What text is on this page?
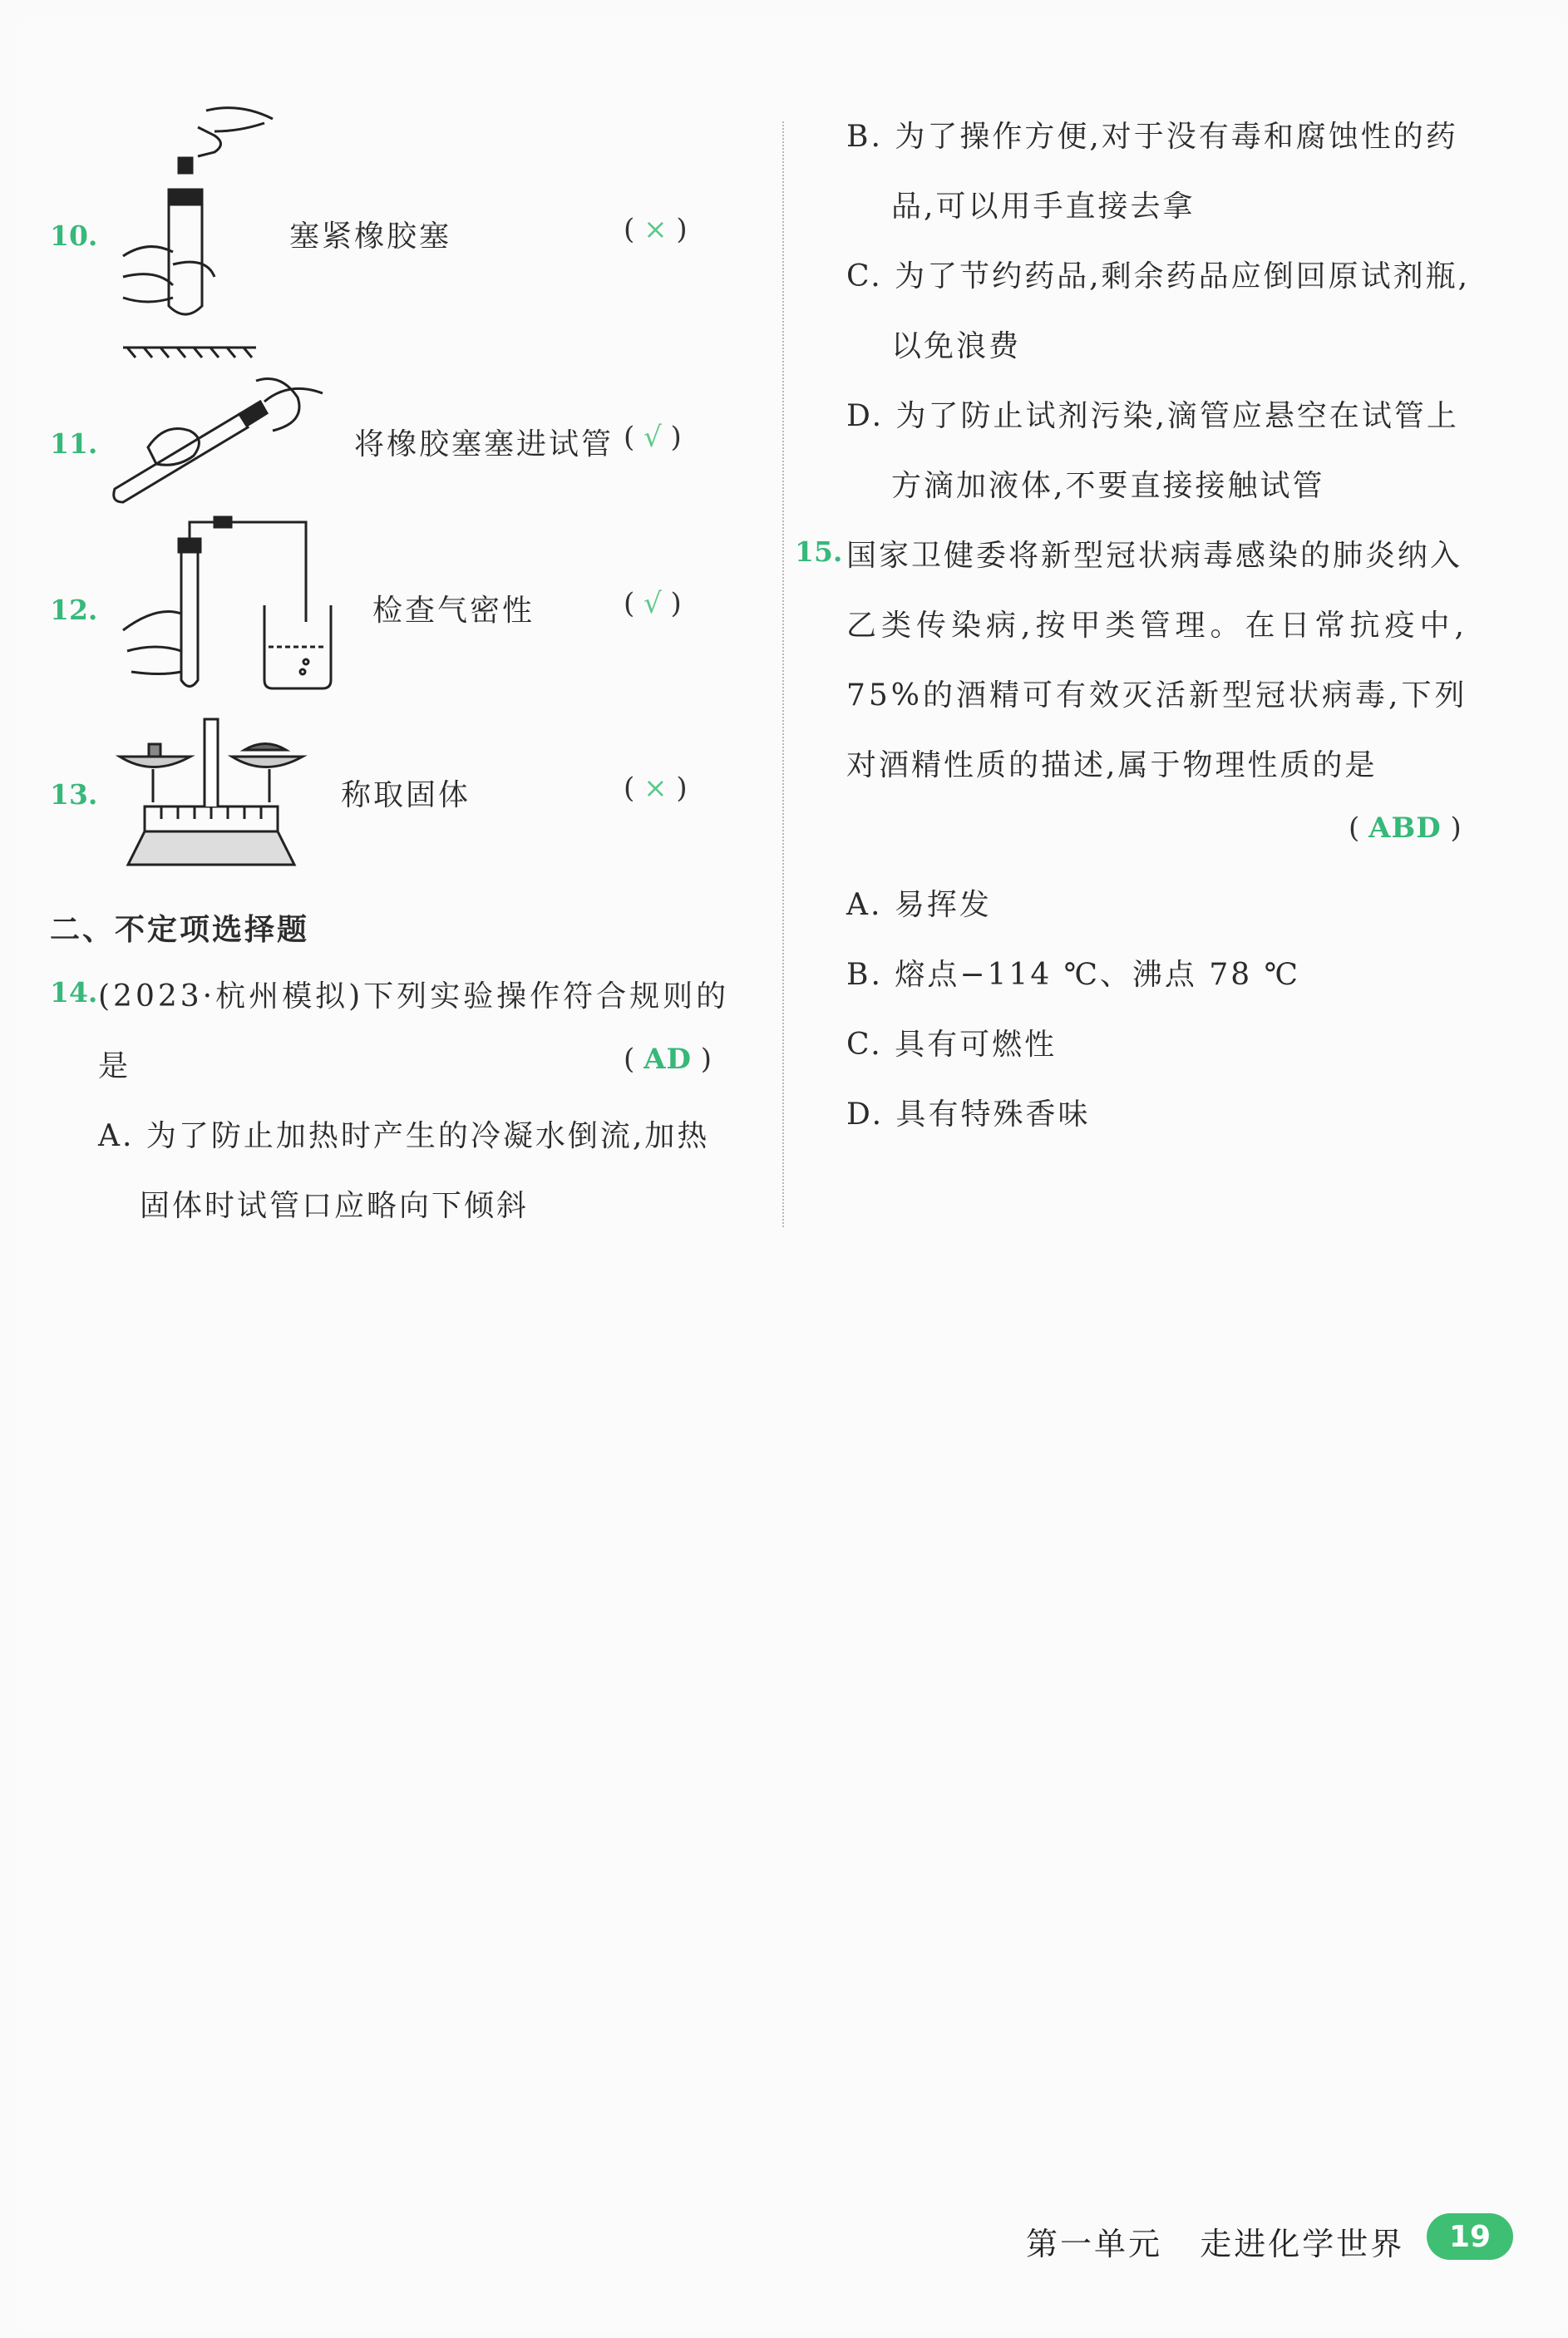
10.	塞紧橡胶塞	( × )
11.	将橡胶塞塞进试管 ( √ )
12.	检查气密性	( √ )
13.	称取固体	( × )
二、不定项选择题
14. (2023·杭州模拟)下列实验操作符合规则的
是	( AD )
A. 为了防止加热时产生的冷凝水倒流,加热
固体时试管口应略向下倾斜
B. 为了操作方便,对于没有毒和腐蚀性的药
品,可以用手直接去拿
C. 为了节约药品,剩余药品应倒回原试剂瓶,
以免浪费
D. 为了防止试剂污染,滴管应悬空在试管上
方滴加液体,不要直接接触试管
15. 国家卫健委将新型冠状病毒感染的肺炎纳入
乙类传染病,按甲类管理。在日常抗疫中,
75%的酒精可有效灭活新型冠状病毒,下列
对酒精性质的描述,属于物理性质的是
( ABD )
A. 易挥发
B. 熔点−114 ℃、沸点 78 ℃
C. 具有可燃性
D. 具有特殊香味
第一单元   走进化学世界	19
